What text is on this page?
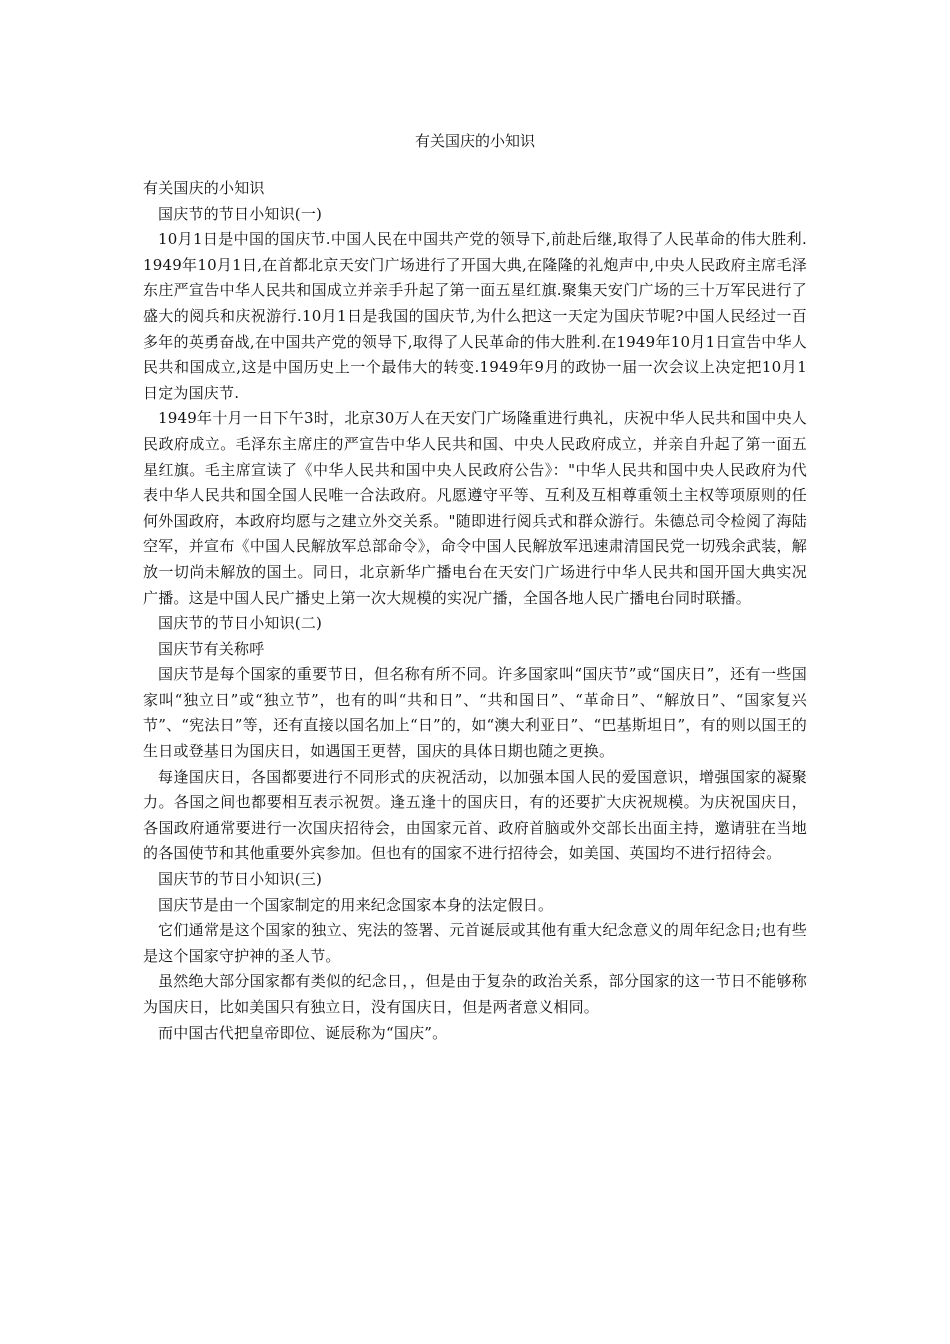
有关国庆的小知识

有关国庆的小知识

国庆节的节日小知识(一)

10月1日是中国的国庆节.中国人民在中国共产党的领导下,前赴后继,取得了人民革命的伟大胜利. 1949年10月1日,在首都北京天安门广场进行了开国大典,在隆隆的礼炮声中,中央人民政府主席毛泽东庄严宣告中华人民共和国成立并亲手升起了第一面五星红旗.聚集天安门广场的三十万军民进行了盛大的阅兵和庆祝游行.10月1日是我国的国庆节,为什么把这一天定为国庆节呢?中国人民经过一百多年的英勇奋战,在中国共产党的领导下,取得了人民革命的伟大胜利.在1949年10月1日宣告中华人民共和国成立,这是中国历史上一个最伟大的转变.1949年9月的政协一届一次会议上决定把10月1日定为国庆节.

1949年十月一日下午3时，北京30万人在天安门广场隆重进行典礼，庆祝中华人民共和国中央人民政府成立。毛泽东主席庄的严宣告中华人民共和国、中央人民政府成立，并亲自升起了第一面五星红旗。毛主席宣读了《中华人民共和国中央人民政府公告》："中华人民共和国中央人民政府为代表中华人民共和国全国人民唯一合法政府。凡愿遵守平等、互利及互相尊重领土主权等项原则的任何外国政府，本政府均愿与之建立外交关系。"随即进行阅兵式和群众游行。朱德总司令检阅了海陆空军，并宣布《中国人民解放军总部命令》，命令中国人民解放军迅速肃清国民党一切残余武装，解放一切尚未解放的国土。同日，北京新华广播电台在天安门广场进行中华人民共和国开国大典实况广播。这是中国人民广播史上第一次大规模的实况广播，全国各地人民广播电台同时联播。

国庆节的节日小知识(二)

国庆节有关称呼

国庆节是每个国家的重要节日，但名称有所不同。许多国家叫“国庆节”或“国庆日”，还有一些国家叫“独立日”或“独立节”，也有的叫“共和日”、“共和国日”、“革命日”、“解放日”、“国家复兴节”、“宪法日”等，还有直接以国名加上“日”的，如“澳大利亚日”、“巴基斯坦日”，有的则以国王的生日或登基日为国庆日，如遇国王更替，国庆的具体日期也随之更换。

每逢国庆日，各国都要进行不同形式的庆祝活动，以加强本国人民的爱国意识，增强国家的凝聚力。各国之间也都要相互表示祝贺。逢五逢十的国庆日，有的还要扩大庆祝规模。为庆祝国庆日，各国政府通常要进行一次国庆招待会，由国家元首、政府首脑或外交部长出面主持，邀请驻在当地的各国使节和其他重要外宾参加。但也有的国家不进行招待会，如美国、英国均不进行招待会。

国庆节的节日小知识(三)

国庆节是由一个国家制定的用来纪念国家本身的法定假日。

它们通常是这个国家的独立、宪法的签署、元首诞辰或其他有重大纪念意义的周年纪念日;也有些是这个国家守护神的圣人节。

虽然绝大部分国家都有类似的纪念日，，但是由于复杂的政治关系，部分国家的这一节日不能够称为国庆日，比如美国只有独立日，没有国庆日，但是两者意义相同。

而中国古代把皇帝即位、诞辰称为“国庆”。
